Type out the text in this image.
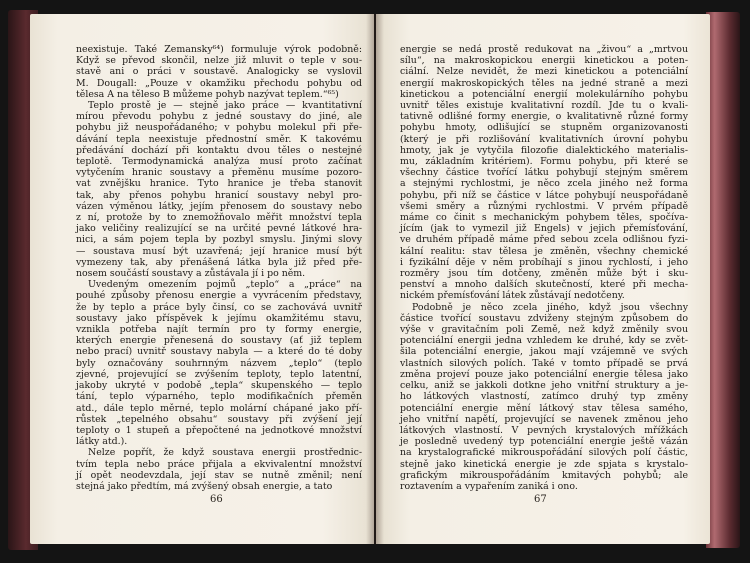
neexistuje. Také Zemansky⁶⁴) formuluje výrok podobně:
Když se převod skončil, nelze již mluvit o teple v sou-
stavě ani o práci v soustavě. Analogicky se vyslovil
M. Dougall: „Pouze v okamžiku přechodu pohybu od
tělesa A na těleso B můžeme pohyb nazývat teplem.“⁶⁵)
Teplo prostě je — stejně jako práce — kvantitativní
mírou převodu pohybu z jedné soustavy do jiné, ale
pohybu již neuspořádaného; v pohybu molekul při pře-
dávání tepla neexistuje přednostní směr. K takovému
předávání dochází při kontaktu dvou těles o nestejné
teplotě. Termodynamická analýza musí proto začínat
vytyčením hranic soustavy a přeměnu musíme pozoro-
vat zvnějšku hranice. Tyto hranice je třeba stanovit
tak, aby přenos pohybu hranicí soustavy nebyl pro-
vázen výměnou látky, jejím přenosem do soustavy nebo
z ní, protože by to znemožňovalo měřit množství tepla
jako veličiny realizující se na určité pevné látkové hra-
nici, a sám pojem tepla by pozbyl smyslu. Jinými slovy
— soustava musí být uzavřená; její hranice musí být
vymezeny tak, aby přenášená látka byla již před pře-
nosem součástí soustavy a zůstávala jí i po něm.
Uvedeným omezením pojmů „teplo“ a „práce“ na
pouhé způsoby přenosu energie a vyvrácením představy,
že by teplo a práce byly činsí, co se zachovává uvnitř
soustavy jako příspěvek k jejímu okamžitému stavu,
vznikla potřeba najít termín pro ty formy energie,
kterých energie přenesená do soustavy (ať již teplem
nebo prací) uvnitř soustavy nabyla — a které do té doby
byly označovány souhrnným názvem „teplo“ (teplo
zjevné, projevující se zvýšením teploty, teplo latentní,
jakoby ukryté v podobě „tepla“ skupenského — teplo
tání, teplo výparného, teplo modifikačních přeměn
atd., dále teplo měrné, teplo molární chápané jako pří-
růstek „tepelného obsahu“ soustavy při zvýšení její
teploty o 1 stupeň a přepočtené na jednotkové množství
látky atd.).
Nelze popřít, že když soustava energii prostřednic-
tvím tepla nebo práce přijala a ekvivalentní množství
jí opět neodevzdala, její stav se nutně změnil; není
stejná jako předtím, má zvýšený obsah energie, a tato
66
energie se nedá prostě redukovat na „živou“ a „mrtvou
sílu“, na makroskopickou energii kinetickou a poten-
ciální. Nelze nevidět, že mezi kinetickou a potenciální
energií makroskopických těles na jedné straně a mezi
kinetickou a potenciální energií molekulárního pohybu
uvnitř těles existuje kvalitativní rozdíl. Jde tu o kvali-
tativně odlišné formy energie, o kvalitativně různé formy
pohybu hmoty, odlišující se stupněm organizovanosti
(který je při rozlišování kvalitativních úrovní pohybu
hmoty, jak je vytyčila filozofie dialektického materialis-
mu, základním kritériem). Formu pohybu, při které se
všechny částice tvořící látku pohybují stejným směrem
a stejnými rychlostmi, je něco zcela jiného než forma
pohybu, při níž se částice v látce pohybují neuspořádaně
všemi směry a různými rychlostmi. V prvém případě
máme co činit s mechanickým pohybem těles, spočíva-
jícím (jak to vymezil již Engels) v jejich přemísťování,
ve druhém případě máme před sebou zcela odlišnou fyzi-
kální realitu: stav tělesa je změněn, všechny chemické
i fyzikální děje v něm probíhají s jinou rychlostí, i jeho
rozměry jsou tím dotčeny, změněn může být i sku-
penství a mnoho dalších skutečností, které při mecha-
nickém přemísťování látek zůstávají nedotčeny.
Podobně je něco zcela jiného, když jsou všechny
částice tvořící soustavu zdviženy stejným způsobem do
výše v gravitačním poli Země, než když změnily svou
potenciální energii jedna vzhledem ke druhé, kdy se zvět-
šila potenciální energie, jakou mají vzájemně ve svých
vlastních silových polích. Také v tomto případě se prvá
změna projeví pouze jako potenciální energie tělesa jako
celku, aniž se jakkoli dotkne jeho vnitřní struktury a je-
ho látkových vlastností, zatímco druhý typ změny
potenciální energie mění látkový stav tělesa samého,
jeho vnitřní napětí, projevující se navenek změnou jeho
látkových vlastností. V pevných krystalových mřížkách
je posledně uvedený typ potenciální energie ještě vázán
na krystalografické mikrouspořádání silových polí částic,
stejně jako kinetická energie je zde spjata s krystalo-
grafickým mikrouspořádáním kmitavých pohybů; ale
roztavením a vypařením zaniká i ono.
67
